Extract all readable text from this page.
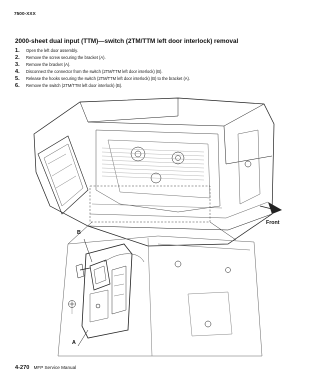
7500-XXX
2000-sheet dual input (TTM)—switch (2TM/TTM left door interlock) removal
1. Open the left door assembly.
2. Remove the screw securing the bracket (A).
3. Remove the bracket (A).
4. Disconnect the connector from the switch (2TM/TTM left door interlock) (B).
5. Release the hooks securing the switch (2TM/TTM left door interlock) (B) to the bracket (A).
6. Remove the switch (2TM/TTM left door interlock) (B).
Front
B
A
4-270 MFP Service Manual
